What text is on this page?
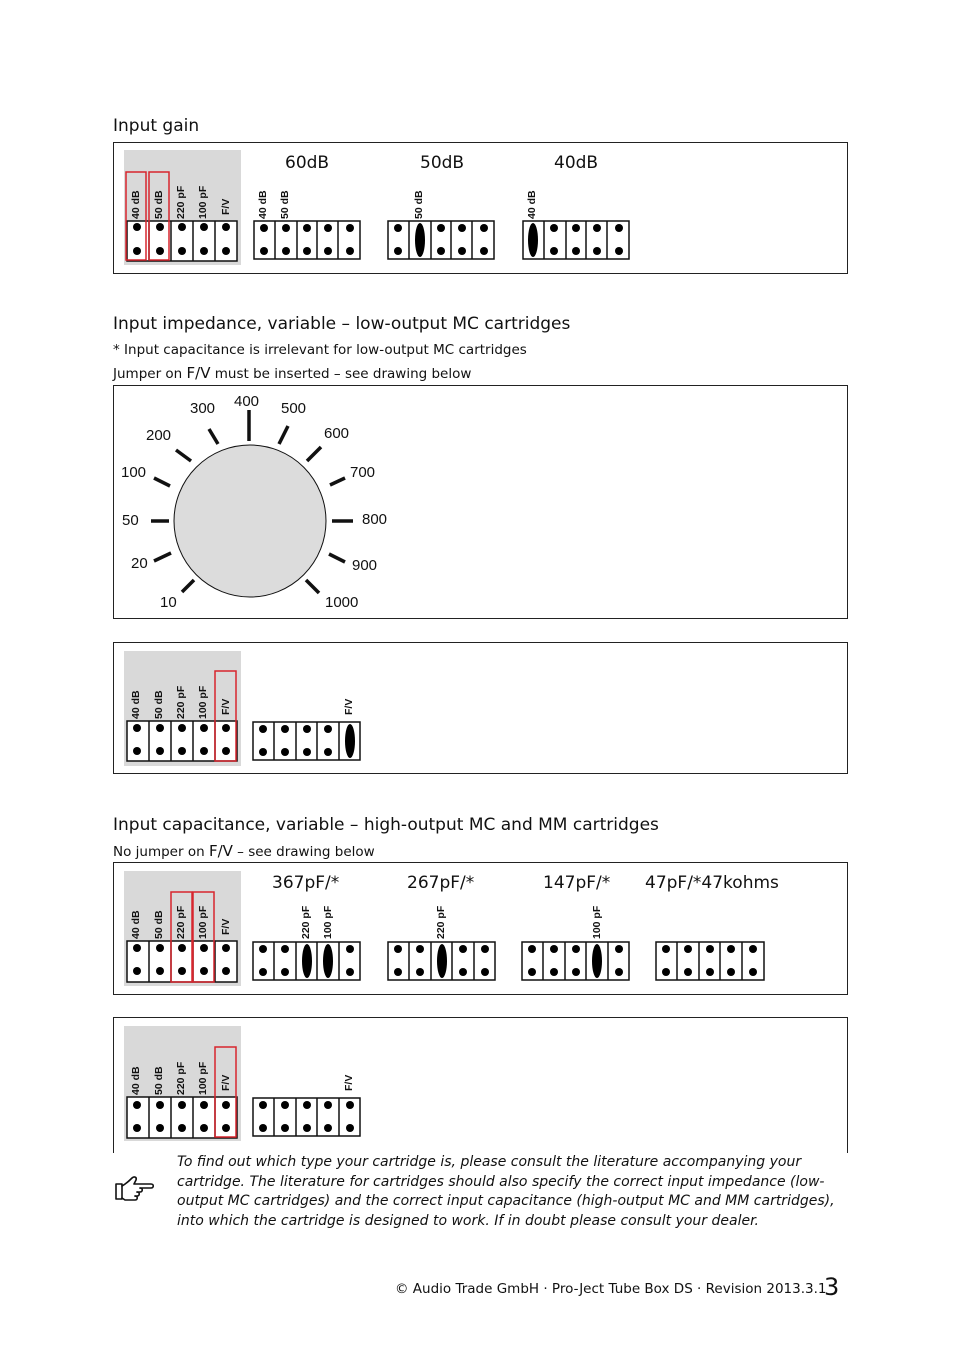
Input gain
40 dB 50 dB 220 pF 100 pF F/V
60dB	50dB	40dB
40 dB 50 dB	50 dB	40 dB
Input impedance, variable – low-output MC cartridges
* Input capacitance is irrelevant for low-output MC cartridges
Jumper on F/V must be inserted – see drawing below
10
20
50
100
200
300 400 500
600
700
800
900
1000
40 dB 50 dB 220 pF 100 pF F/V	F/V
Input capacitance, variable – high-output MC and MM cartridges
No jumper on F/V – see drawing below
40 dB 50 dB 220 pF 100 pF F/V
367pF/*	267pF/*	147pF/* 47pF/*47kohms
220 pF 100 pF	220 pF	100 pF
40 dB 50 dB 220 pF 100 pF F/V	F/V
To find out which type your cartridge is, please consult the literature accompanying your cartridge. The literature for cartridges should also specify the correct input impedance (low-output MC cartridges) and the correct input capacitance (high-output MC and MM cartridges), into which the cartridge is designed to work. If in doubt please consult your dealer.
© Audio Trade GmbH · Pro-Ject Tube Box DS · Revision 2013.3.1
3
